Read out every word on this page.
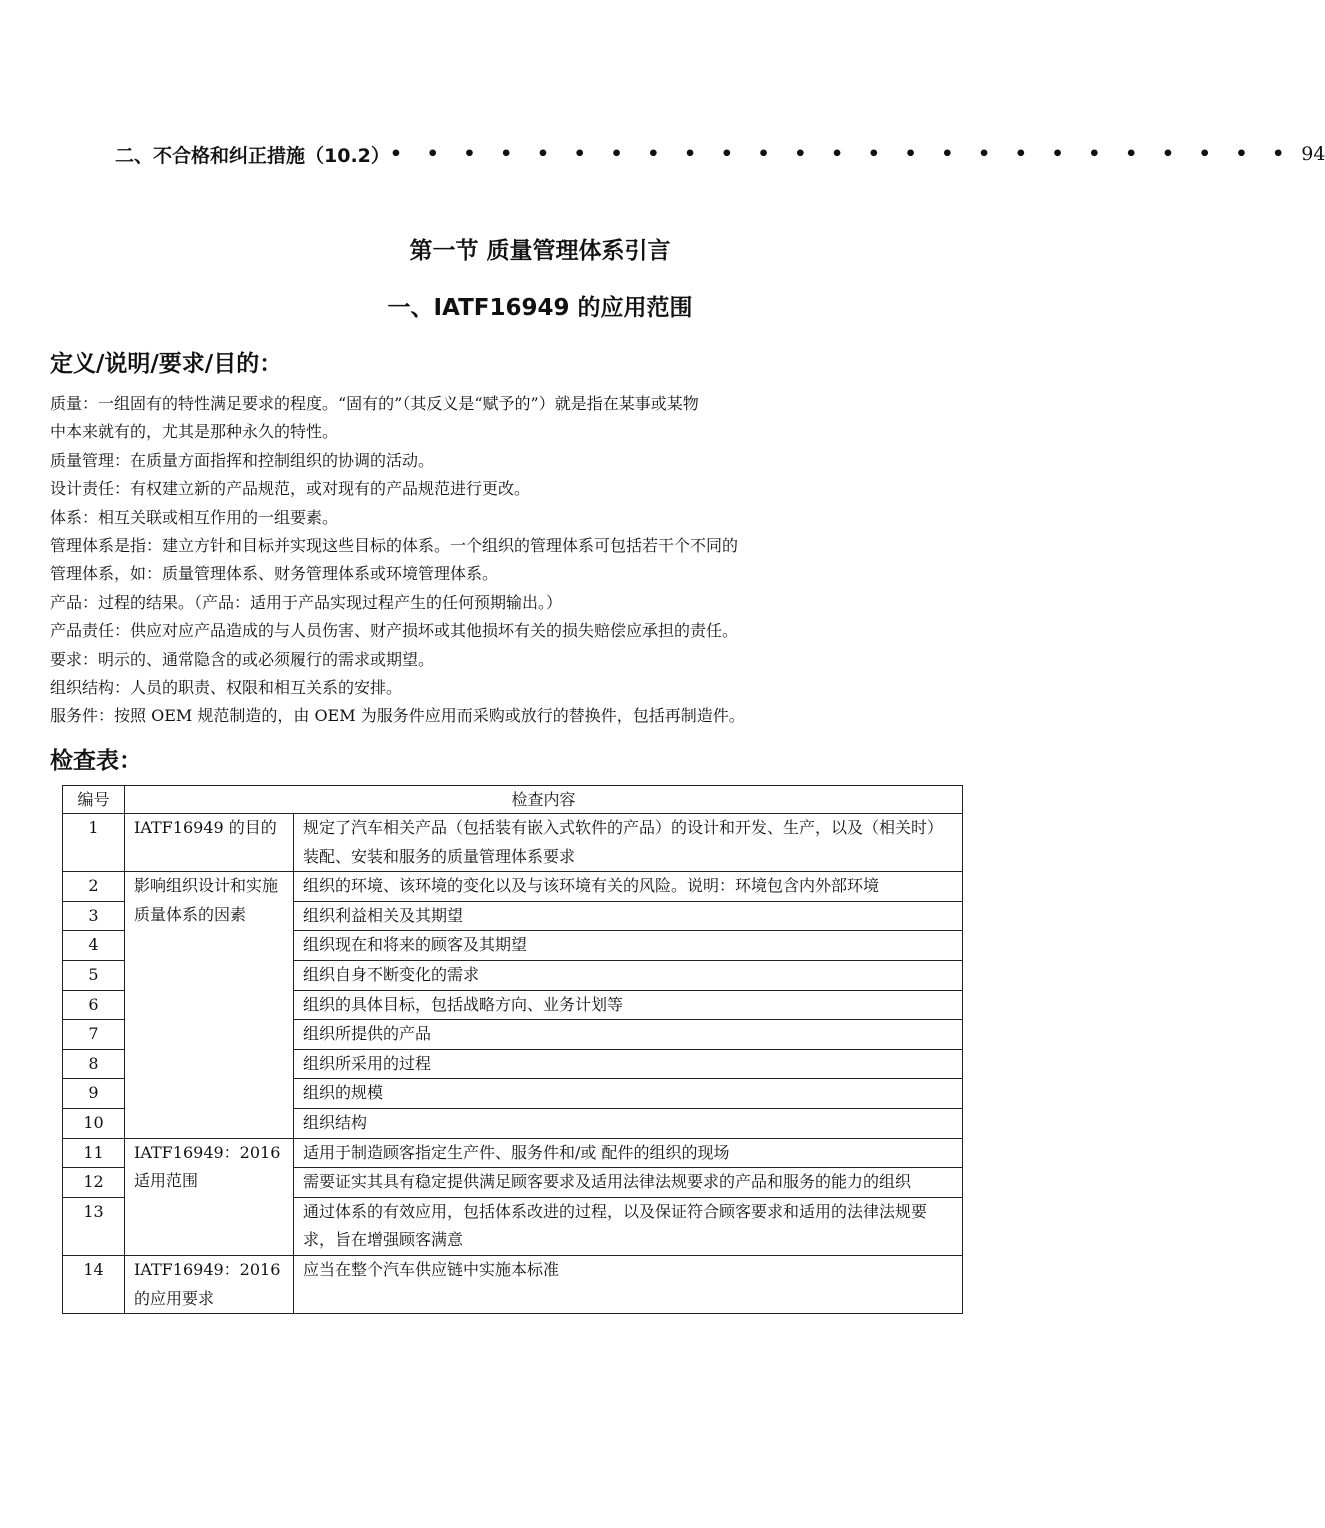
二、不合格和纠正措施（10.2） • • • • • • • • • • • • • • • • • • • • • • • • • 94
第一节 质量管理体系引言
一、IATF16949 的应用范围
定义/说明/要求/目的：

质量：一组固有的特性满足要求的程度。“固有的”（其反义是“赋予的”）就是指在某事或某物

中本来就有的，尤其是那种永久的特性。

质量管理：在质量方面指挥和控制组织的协调的活动。

设计责任：有权建立新的产品规范，或对现有的产品规范进行更改。

体系：相互关联或相互作用的一组要素。

管理体系是指：建立方针和目标并实现这些目标的体系。一个组织的管理体系可包括若干个不同的

管理体系，如：质量管理体系、财务管理体系或环境管理体系。

产品：过程的结果。（产品：适用于产品实现过程产生的任何预期输出。）

产品责任：供应对应产品造成的与人员伤害、财产损坏或其他损坏有关的损失赔偿应承担的责任。

要求：明示的、通常隐含的或必须履行的需求或期望。

组织结构：人员的职责、权限和相互关系的安排。

服务件：按照 OEM 规范制造的，由 OEM 为服务件应用而采购或放行的替换件，包括再制造件。

检查表：
编号	检查内容	
1	IATF16949 的目的	规定了汽车相关产品（包括装有嵌入式软件的产品）的设计和开发、生产，以及（相关时）装配、安装和服务的质量管理体系要求
2	影响组织设计和实施质量体系的因素	组织的环境、该环境的变化以及与该环境有关的风险。说明：环境包含内外部环境
3		组织利益相关及其期望
4		组织现在和将来的顾客及其期望
5		组织自身不断变化的需求
6		组织的具体目标，包括战略方向、业务计划等
7		组织所提供的产品
8		组织所采用的过程
9		组织的规模
10		组织结构
11	IATF16949：2016 适用范围	适用于制造顾客指定生产件、服务件和/或 配件的组织的现场
12		需要证实其具有稳定提供满足顾客要求及适用法律法规要求的产品和服务的能力的组织
13		通过体系的有效应用，包括体系改进的过程，以及保证符合顾客要求和适用的法律法规要求，旨在增强顾客满意
14	IATF16949：2016 的应用要求	应当在整个汽车供应链中实施本标准
